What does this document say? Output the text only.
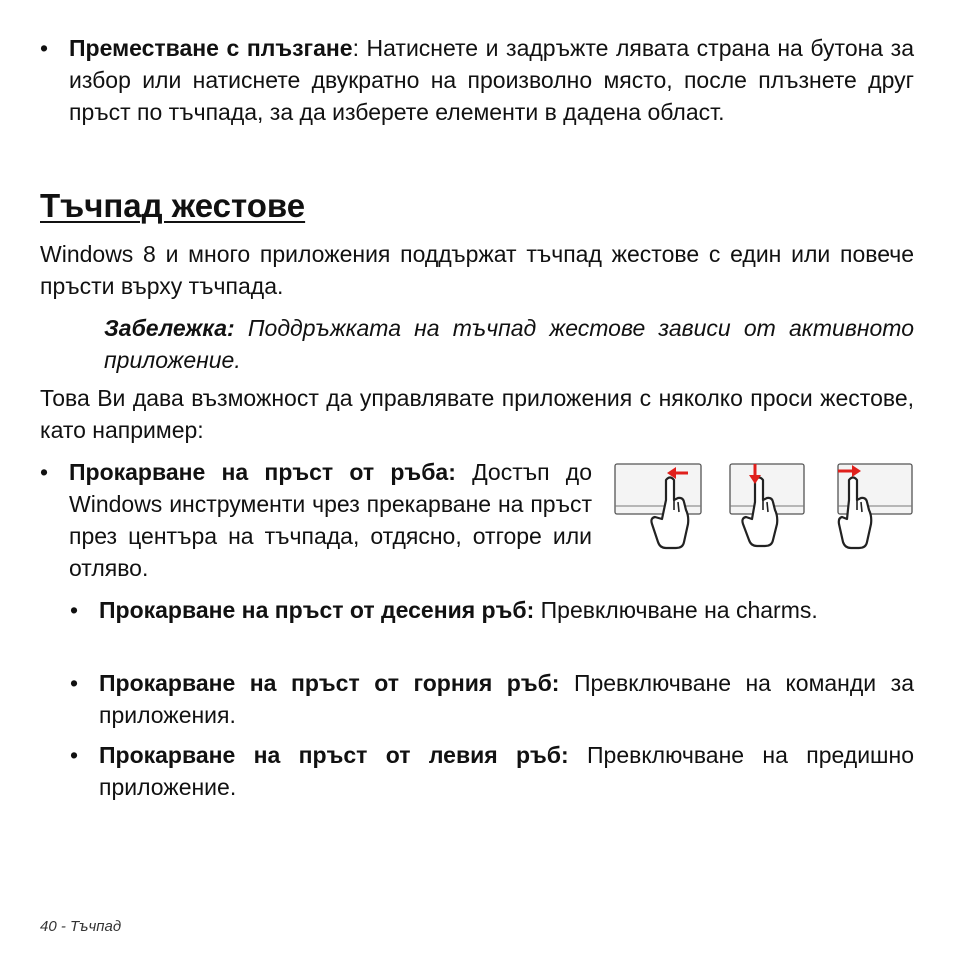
• Преместване с плъзгане: Натиснете и задръжте лявата страна на бутона за избор или натиснете двукратно на произволно място, после плъзнете друг пръст по тъчпада, за да изберете елементи в дадена област.

Тъчпад жестове

Windows 8 и много приложения поддържат тъчпад жестове с един или повече пръсти върху тъчпада.

Забележка: Поддръжката на тъчпад жестове зависи от активното приложение.

Това Ви дава възможност да управлявате приложения с няколко проси жестове, като например:

• Прокарване на пръст от ръба: Достъп до Windows инструменти чрез прекарване на пръст през центъра на тъчпада, отдясно, отгоре или отляво.

• Прокарване на пръст от десения ръб: Превключване на charms.

• Прокарване на пръст от горния ръб: Превключване на команди за приложения.

• Прокарване на пръст от левия ръб: Превключване на предишно приложение.

40 - Тъчпад
